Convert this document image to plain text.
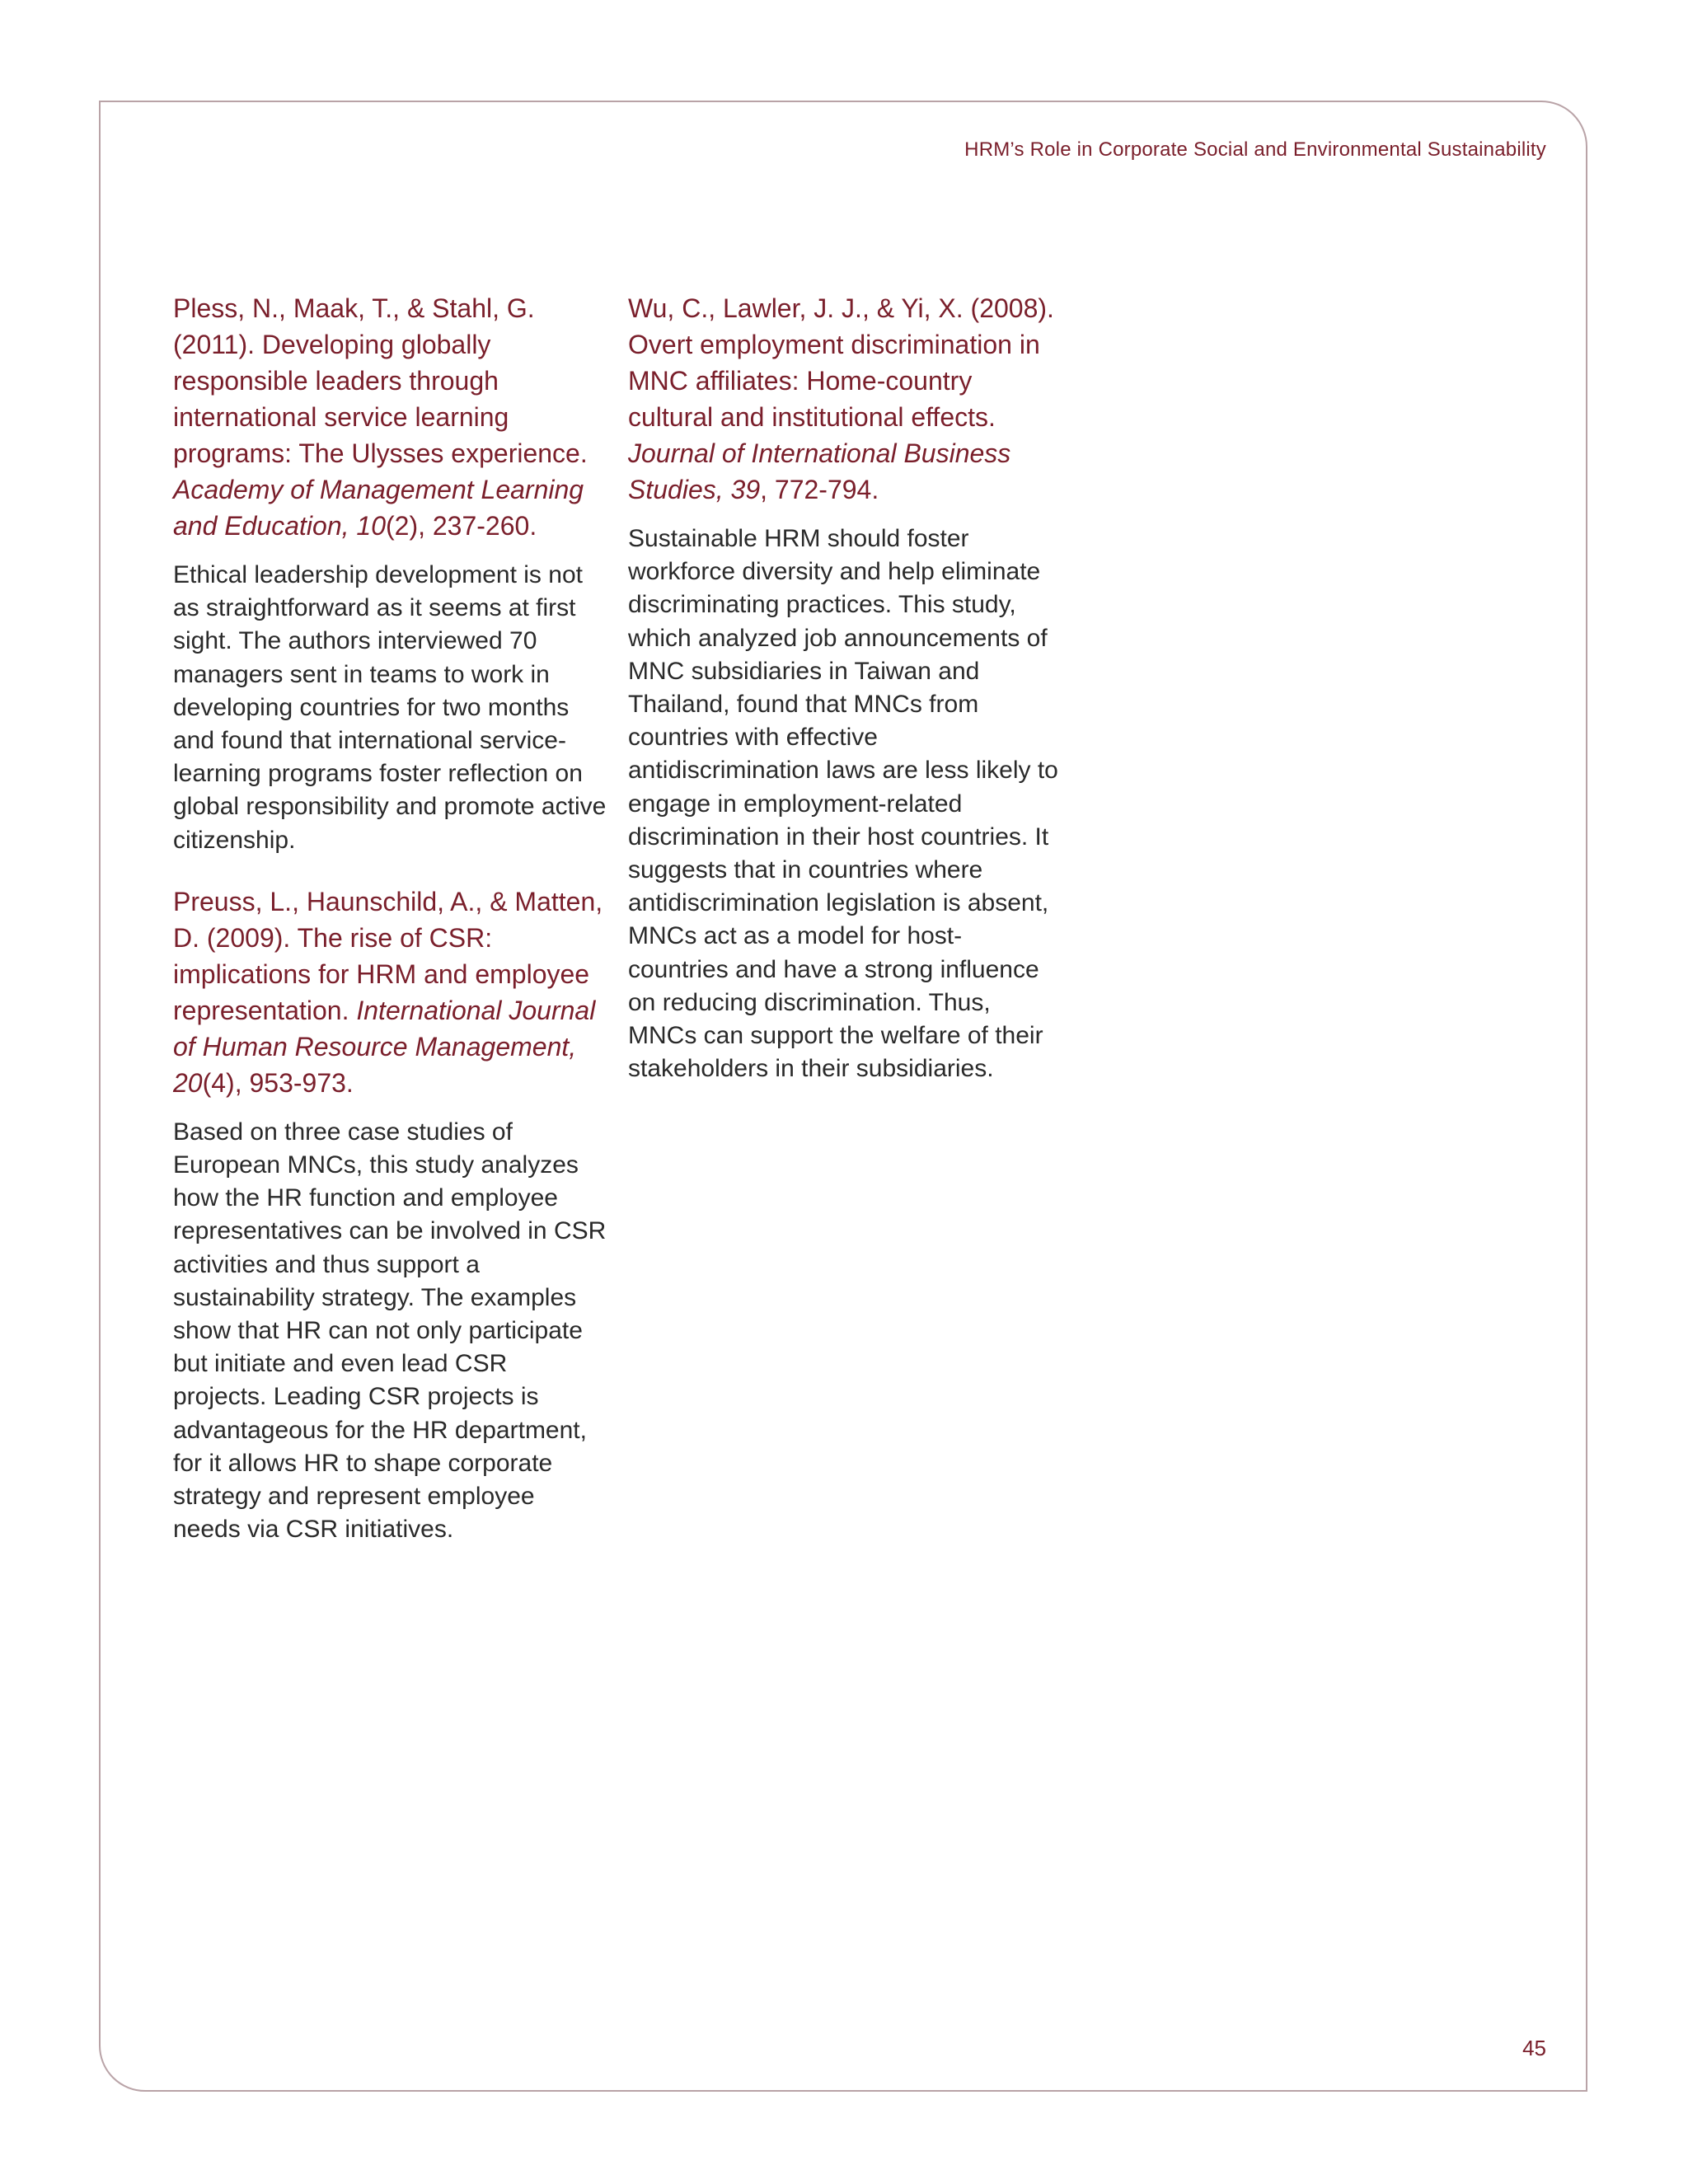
HRM’s Role in Corporate Social and Environmental Sustainability

Pless, N., Maak, T., & Stahl, G. (2011). Developing globally responsible leaders through international service learning programs: The Ulysses experience. Academy of Management Learning and Education, 10(2), 237-260.

Ethical leadership development is not as straightforward as it seems at first sight. The authors interviewed 70 managers sent in teams to work in developing countries for two months and found that international service-learning programs foster reflection on global responsibility and promote active citizenship.

Preuss, L., Haunschild, A., & Matten, D. (2009). The rise of CSR: implications for HRM and employee representation. International Journal of Human Resource Management, 20(4), 953-973.

Based on three case studies of European MNCs, this study analyzes how the HR function and employee representatives can be involved in CSR activities and thus support a sustainability strategy. The examples show that HR can not only participate but initiate and even lead CSR projects. Leading CSR projects is advantageous for the HR department, for it allows HR to shape corporate strategy and represent employee needs via CSR initiatives.

Wu, C., Lawler, J. J., & Yi, X. (2008). Overt employment discrimination in MNC affiliates: Home-country cultural and institutional effects. Journal of International Business Studies, 39, 772-794.

Sustainable HRM should foster workforce diversity and help eliminate discriminating practices. This study, which analyzed job announcements of MNC subsidiaries in Taiwan and Thailand, found that MNCs from countries with effective antidiscrimination laws are less likely to engage in employment-related discrimination in their host countries. It suggests that in countries where antidiscrimination legislation is absent, MNCs act as a model for host-countries and have a strong influence on reducing discrimination. Thus, MNCs can support the welfare of their stakeholders in their subsidiaries.

45
